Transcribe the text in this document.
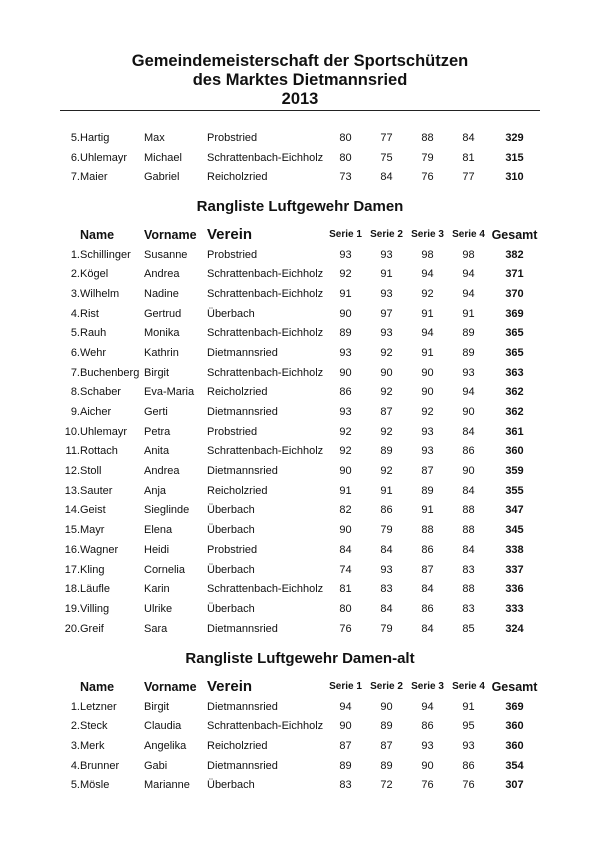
Gemeindemeisterschaft der Sportschützen
des Marktes Dietmannsried
2013
5.	Hartig	Max	Probstried	80	77	88	84	329
6.	Uhlemayr	Michael	Schrattenbach-Eichholz	80	75	79	81	315
7.	Maier	Gabriel	Reicholzried	73	84	76	77	310
Rangliste Luftgewehr Damen
	Name	Vorname	Verein	Serie 1	Serie 2	Serie 3	Serie 4	Gesamt
1.	Schillinger	Susanne	Probstried	93	93	98	98	382
2.	Kögel	Andrea	Schrattenbach-Eichholz	92	91	94	94	371
3.	Wilhelm	Nadine	Schrattenbach-Eichholz	91	93	92	94	370
4.	Rist	Gertrud	Überbach	90	97	91	91	369
5.	Rauh	Monika	Schrattenbach-Eichholz	89	93	94	89	365
6.	Wehr	Kathrin	Dietmannsried	93	92	91	89	365
7.	Buchenberg	Birgit	Schrattenbach-Eichholz	90	90	90	93	363
8.	Schaber	Eva-Maria	Reicholzried	86	92	90	94	362
9.	Aicher	Gerti	Dietmannsried	93	87	92	90	362
10.	Uhlemayr	Petra	Probstried	92	92	93	84	361
11.	Rottach	Anita	Schrattenbach-Eichholz	92	89	93	86	360
12.	Stoll	Andrea	Dietmannsried	90	92	87	90	359
13.	Sauter	Anja	Reicholzried	91	91	89	84	355
14.	Geist	Sieglinde	Überbach	82	86	91	88	347
15.	Mayr	Elena	Überbach	90	79	88	88	345
16.	Wagner	Heidi	Probstried	84	84	86	84	338
17.	Kling	Cornelia	Überbach	74	93	87	83	337
18.	Läufle	Karin	Schrattenbach-Eichholz	81	83	84	88	336
19.	Villing	Ulrike	Überbach	80	84	86	83	333
20.	Greif	Sara	Dietmannsried	76	79	84	85	324
Rangliste Luftgewehr Damen-alt
	Name	Vorname	Verein	Serie 1	Serie 2	Serie 3	Serie 4	Gesamt
1.	Letzner	Birgit	Dietmannsried	94	90	94	91	369
2.	Steck	Claudia	Schrattenbach-Eichholz	90	89	86	95	360
3.	Merk	Angelika	Reicholzried	87	87	93	93	360
4.	Brunner	Gabi	Dietmannsried	89	89	90	86	354
5.	Mösle	Marianne	Überbach	83	72	76	76	307
